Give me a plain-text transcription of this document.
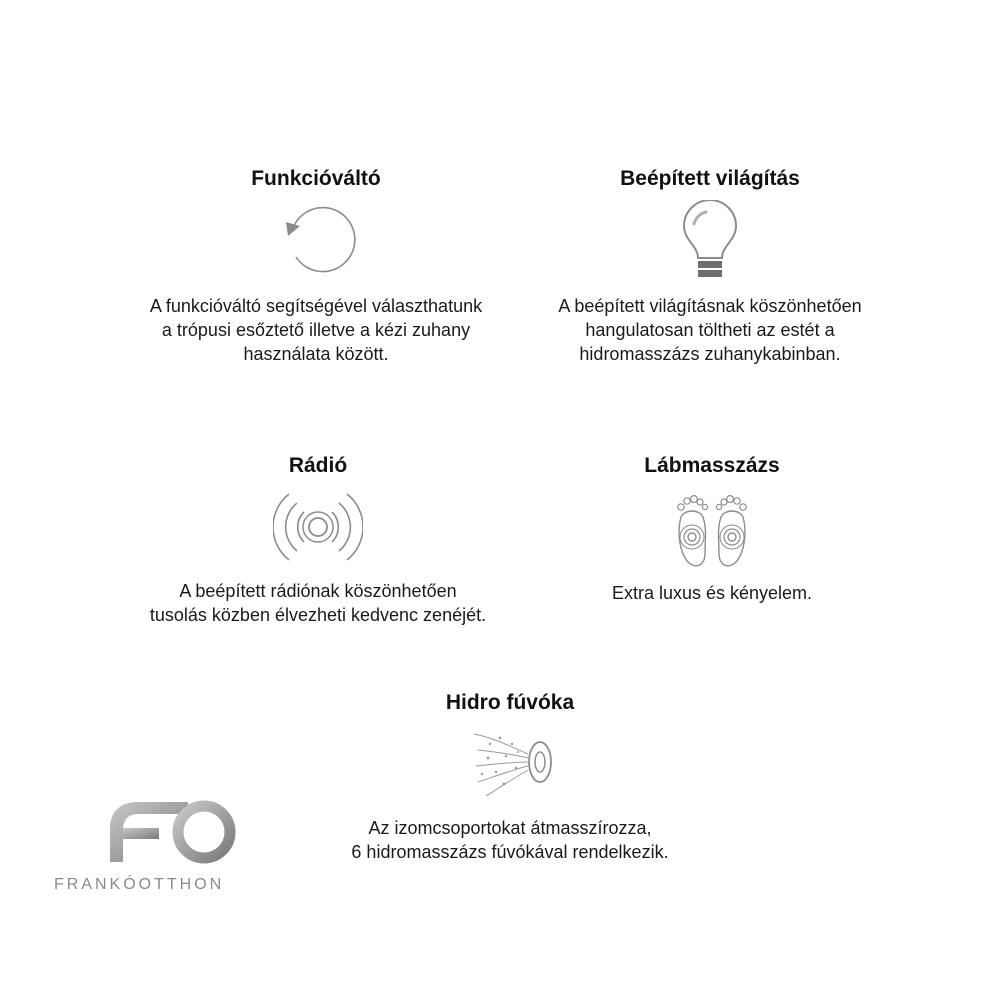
Funkcióváltó
A funkcióváltó segítségével választhatunk
a trópusi esőztető illetve a kézi zuhany
használata között.
Beépített világítás
A beépített világításnak köszönhetően
hangulatosan töltheti az estét a
hidromasszázs zuhanykabinban.
Rádió
A beépített rádiónak köszönhetően
tusolás közben élvezheti kedvenc zenéjét.
Lábmasszázs
Extra luxus és kényelem.
Hidro fúvóka
Az izomcsoportokat átmasszírozza,
6 hidromasszázs fúvókával rendelkezik.
FRANKÓOTTHON
